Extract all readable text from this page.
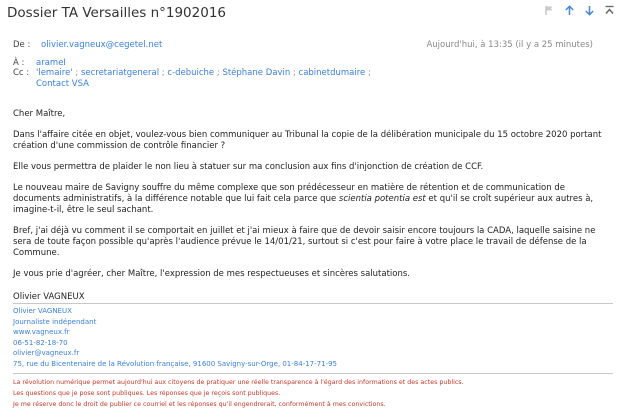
Dossier TA Versailles n°1902016
De : olivier.vagneux@cegetel.net	Aujourd'hui, à 13:35 (il y a 25 minutes)
À : arameI
Cc : 'lemaire' ; secretariatgeneral ; c-debuiche ; Stéphane Davin ; cabinetdumaire ; Contact VSA

Cher Maître,

Dans l'affaire citée en objet, voulez-vous bien communiquer au Tribunal la copie de la délibération municipale du 15 octobre 2020 portant création d'une commission de contrôle financier ?

Elle vous permettra de plaider le non lieu à statuer sur ma conclusion aux fins d'injonction de création de CCF.

Le nouveau maire de Savigny souffre du même complexe que son prédécesseur en matière de rétention et de communication de documents administratifs, à la différence notable que lui fait cela parce que scientia potentia est et qu'il se croît supérieur aux autres à, imagine-t-il, être le seul sachant.

Bref, j'ai déjà vu comment il se comportait en juillet et j'ai mieux à faire que de devoir saisir encore toujours la CADA, laquelle saisine ne sera de toute façon possible qu'après l'audience prévue le 14/01/21, surtout si c'est pour faire à votre place le travail de défense de la Commune.

Je vous prie d'agréer, cher Maître, l'expression de mes respectueuses et sincères salutations.

Olivier VAGNEUX
Olivier VAGNEUX
Journaliste indépendant
www.vagneux.fr
06-51-82-18-70
olivier@vagneux.fr
75, rue du Bicentenaire de la Révolution française, 91600 Savigny-sur-Orge, 01-84-17-71-95
La révolution numérique permet aujourd'hui aux citoyens de pratiquer une réelle transparence à l'égard des informations et des actes publics.
Les questions que je pose sont publiques. Les réponses que je reçois sont publiques.
Je me réserve donc le droit de publier ce courriel et les réponses qu'il engendrerait, conformément à mes convictions.
